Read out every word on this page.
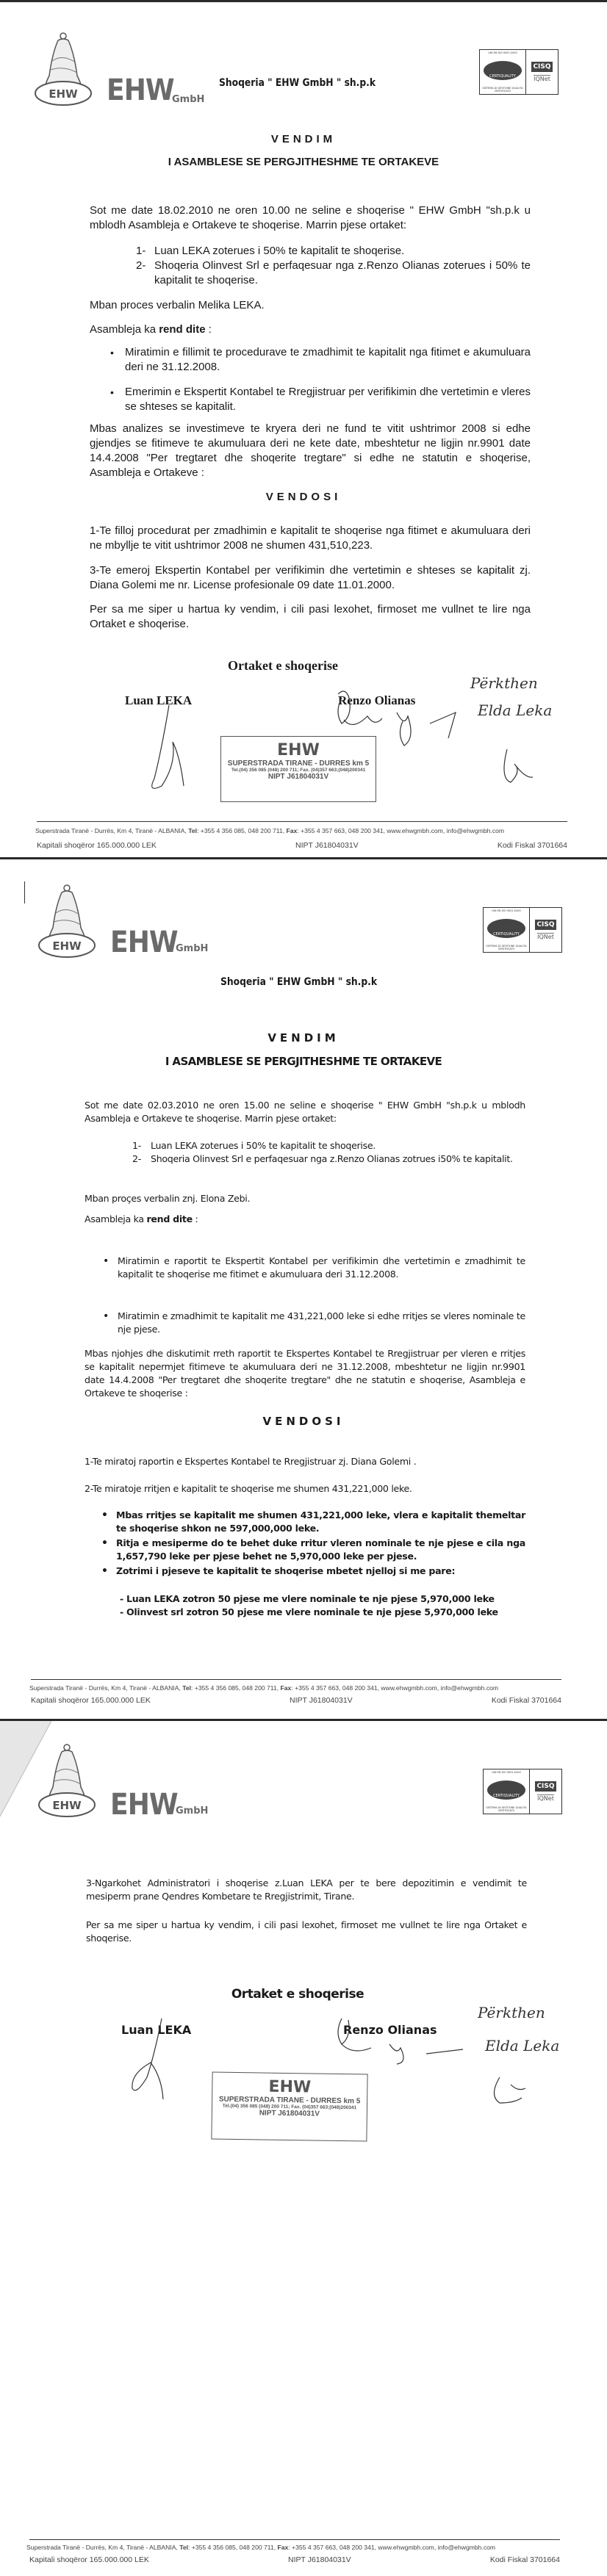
EHW EHW
GmbH
Shoqeria " EHW GmbH " sh.p.k
UNI EN ISO 9001:2000
CERTIQUALITY
SISTEMA DI GESTIONE QUALITA CERTIFICATO
CISQ
IQNet
VENDIM
I ASAMBLESE SE PERGJITHESHME TE ORTAKEVE
Sot me date 18.02.2010 ne oren 10.00 ne seline e shoqerise " EHW GmbH "sh.p.k u mblodh Asambleja e Ortakeve te shoqerise. Marrin pjese ortaket:
1- Luan LEKA zoterues i 50% te kapitalit te shoqerise.
2- Shoqeria Olinvest Srl e perfaqesuar nga z.Renzo Olianas zoterues i 50% te kapitalit te shoqerise.
Mban proces verbalin Melika LEKA.
Asambleja ka rend dite :
•	Miratimin e fillimit te procedurave te zmadhimit te kapitalit nga fitimet e akumuluara deri ne 31.12.2008.
•	Emerimin e Ekspertit Kontabel te Rregjistruar per verifikimin dhe vertetimin e vleres se shteses se kapitalit.
Mbas analizes se investimeve te kryera deri ne fund te vitit ushtrimor 2008 si edhe gjendjes se fitimeve te akumuluara deri ne kete date, mbeshtetur ne ligjin nr.9901 date 14.4.2008 "Per tregtaret dhe shoqerite tregtare" si edhe ne statutin e shoqerise, Asambleja e Ortakeve :
VENDOSI
1-Te filloj procedurat per zmadhimin e kapitalit te shoqerise nga fitimet e akumuluara deri ne mbyllje te vitit ushtrimor 2008 ne shumen 431,510,223.
3-Te emeroj Ekspertin Kontabel per verifikimin dhe vertetimin e shteses se kapitalit zj. Diana Golemi me nr. License profesionale 09 date 11.01.2000.
Per sa me siper u hartua ky vendim, i cili pasi lexohet, firmoset me vullnet te lire nga Ortaket e shoqerise.
Ortaket e shoqerise
Luan LEKA	Renzo Olianas
Përkthen
Elda Leka
EHW
SUPERSTRADA TIRANE - DURRES km 5
Tel.(04) 356 085 (048) 200 711; Fax. (04)357 663;(048)200341
NIPT J61804031V
Superstrada Tiranë - Durrës, Km 4, Tiranë - ALBANIA, Tel: +355 4 356 085, 048 200 711, Fax: +355 4 357 663, 048 200 341, www.ehwgmbh.com, info@ehwgmbh.com
Kapitali shoqëror 165.000.000 LEK	NIPT J61804031V	Kodi Fiskal 3701664
EHW EHW
GmbH
UNI EN ISO 9001:2000
CERTIQUALITY
SISTEMA DI GESTIONE QUALITA CERTIFICATO
CISQ
IQNet
Shoqeria " EHW GmbH " sh.p.k
VENDIM
I ASAMBLESE SE PERGJITHESHME TE ORTAKEVE
Sot me date 02.03.2010 ne oren 15.00 ne seline e shoqerise " EHW GmbH "sh.p.k u mblodh Asambleja e Ortakeve te shoqerise. Marrin pjese ortaket:
1-	Luan LEKA zoterues i 50% te kapitalit te shoqerise.
2-	Shoqeria Olinvest Srl e perfaqesuar nga z.Renzo Olianas zotrues i50% te kapitalit.
Mban proçes verbalin znj. Elona Zebi.
Asambleja ka rend dite :
• Miratimin e raportit te Ekspertit Kontabel per verifikimin dhe vertetimin e zmadhimit te kapitalit te shoqerise me fitimet e akumuluara deri 31.12.2008.
• Miratimin e zmadhimit te kapitalit me 431,221,000 leke si edhe rritjes se vleres nominale te nje pjese.
Mbas njohjes dhe diskutimit rreth raportit te Ekspertes Kontabel te Rregjistruar per vleren e rritjes se kapitalit nepermjet fitimeve te akumuluara deri ne 31.12.2008, mbeshtetur ne ligjin nr.9901 date 14.4.2008 "Per tregtaret dhe shoqerite tregtare" dhe ne statutin e shoqerise, Asambleja e Ortakeve te shoqerise :
VENDOSI
1-Te miratoj raportin e Ekspertes Kontabel te Rregjistruar zj. Diana Golemi .
2-Te miratoje rritjen e kapitalit te shoqerise me shumen 431,221,000 leke.
• Mbas rritjes se kapitalit me shumen 431,221,000 leke, vlera e kapitalit themeltar te shoqerise shkon ne 597,000,000 leke.
• Ritja e mesiperme do te behet duke rritur vleren nominale te nje pjese e cila nga 1,657,790 leke per pjese behet ne 5,970,000 leke per pjese.
• Zotrimi i pjeseve te kapitalit te shoqerise mbetet njelloj si me pare:
- Luan LEKA zotron 50 pjese me vlere nominale te nje pjese 5,970,000 leke
- Olinvest srl zotron 50 pjese me vlere nominale te nje pjese 5,970,000 leke
Superstrada Tiranë - Durrës, Km 4, Tiranë - ALBANIA, Tel: +355 4 356 085, 048 200 711, Fax: +355 4 357 663, 048 200 341, www.ehwgmbh.com, info@ehwgmbh.com
Kapitali shoqëror 165.000.000 LEK	NIPT J61804031V	Kodi Fiskal 3701664
EHW EHW
GmbH
UNI EN ISO 9001:2000
CERTIQUALITY
SISTEMA DI GESTIONE QUALITA CERTIFICATO
CISQ
IQNet
3-Ngarkohet Administratori i shoqerise z.Luan LEKA per te bere depozitimin e vendimit te mesiperm prane Qendres Kombetare te Rregjistrimit, Tirane.
Per sa me siper u hartua ky vendim, i cili pasi lexohet, firmoset me vullnet te lire nga Ortaket e shoqerise.
Ortaket e shoqerise
Luan LEKA	Renzo Olianas
Përkthen
Elda Leka
EHW
SUPERSTRADA TIRANE - DURRES km 5
Tel.(04) 356 085 (048) 200 711; Fax. (04)357 663;(048)200341
NIPT J61804031V
Superstrada Tiranë - Durrës, Km 4, Tiranë - ALBANIA, Tel: +355 4 356 085, 048 200 711, Fax: +355 4 357 663, 048 200 341, www.ehwgmbh.com, info@ehwgmbh.com
Kapitali shoqëror 165.000.000 LEK	NIPT J61804031V	Kodi Fiskal 3701664
